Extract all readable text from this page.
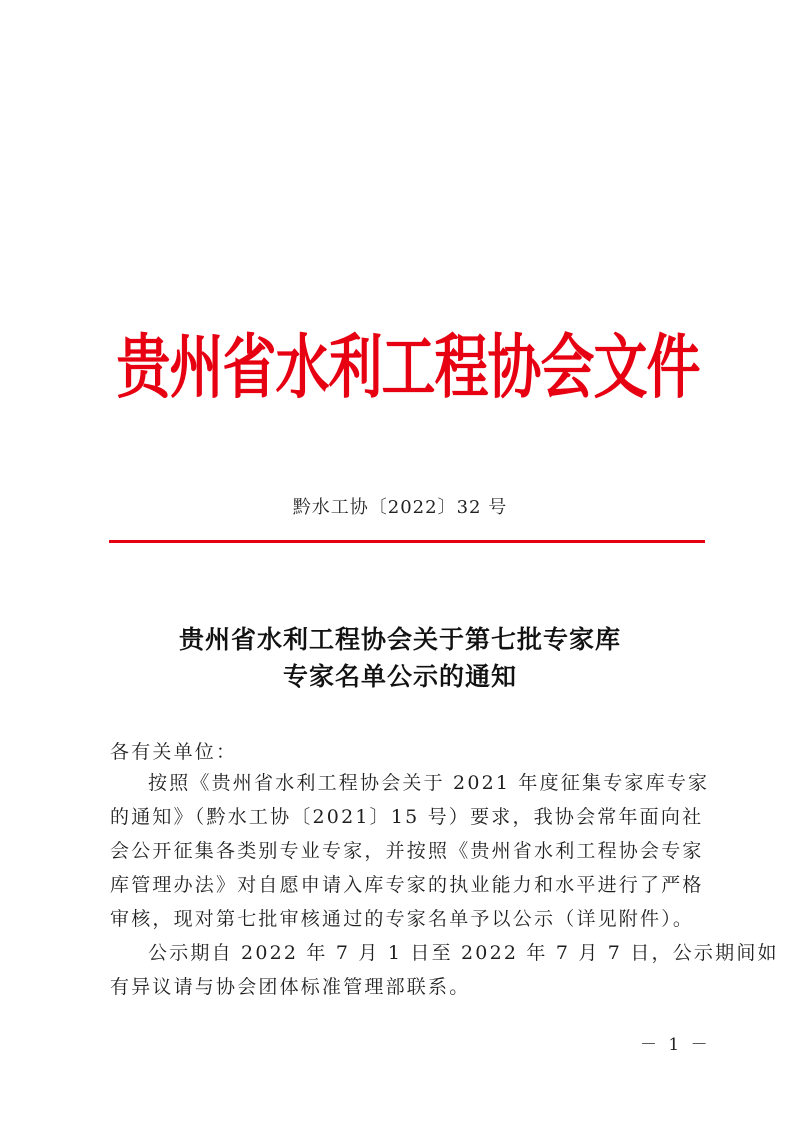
贵州省水利工程协会文件
黔水工协〔2022〕32 号
贵州省水利工程协会关于第七批专家库
专家名单公示的通知
各有关单位：
按照《贵州省水利工程协会关于 2021 年度征集专家库专家
的通知》（黔水工协〔2021〕15 号）要求，我协会常年面向社
会公开征集各类别专业专家，并按照《贵州省水利工程协会专家
库管理办法》对自愿申请入库专家的执业能力和水平进行了严格
审核，现对第七批审核通过的专家名单予以公示（详见附件）。
公示期自 2022 年 7 月 1 日至 2022 年 7 月 7 日，公示期间如
有异议请与协会团体标准管理部联系。
－ 1 －
